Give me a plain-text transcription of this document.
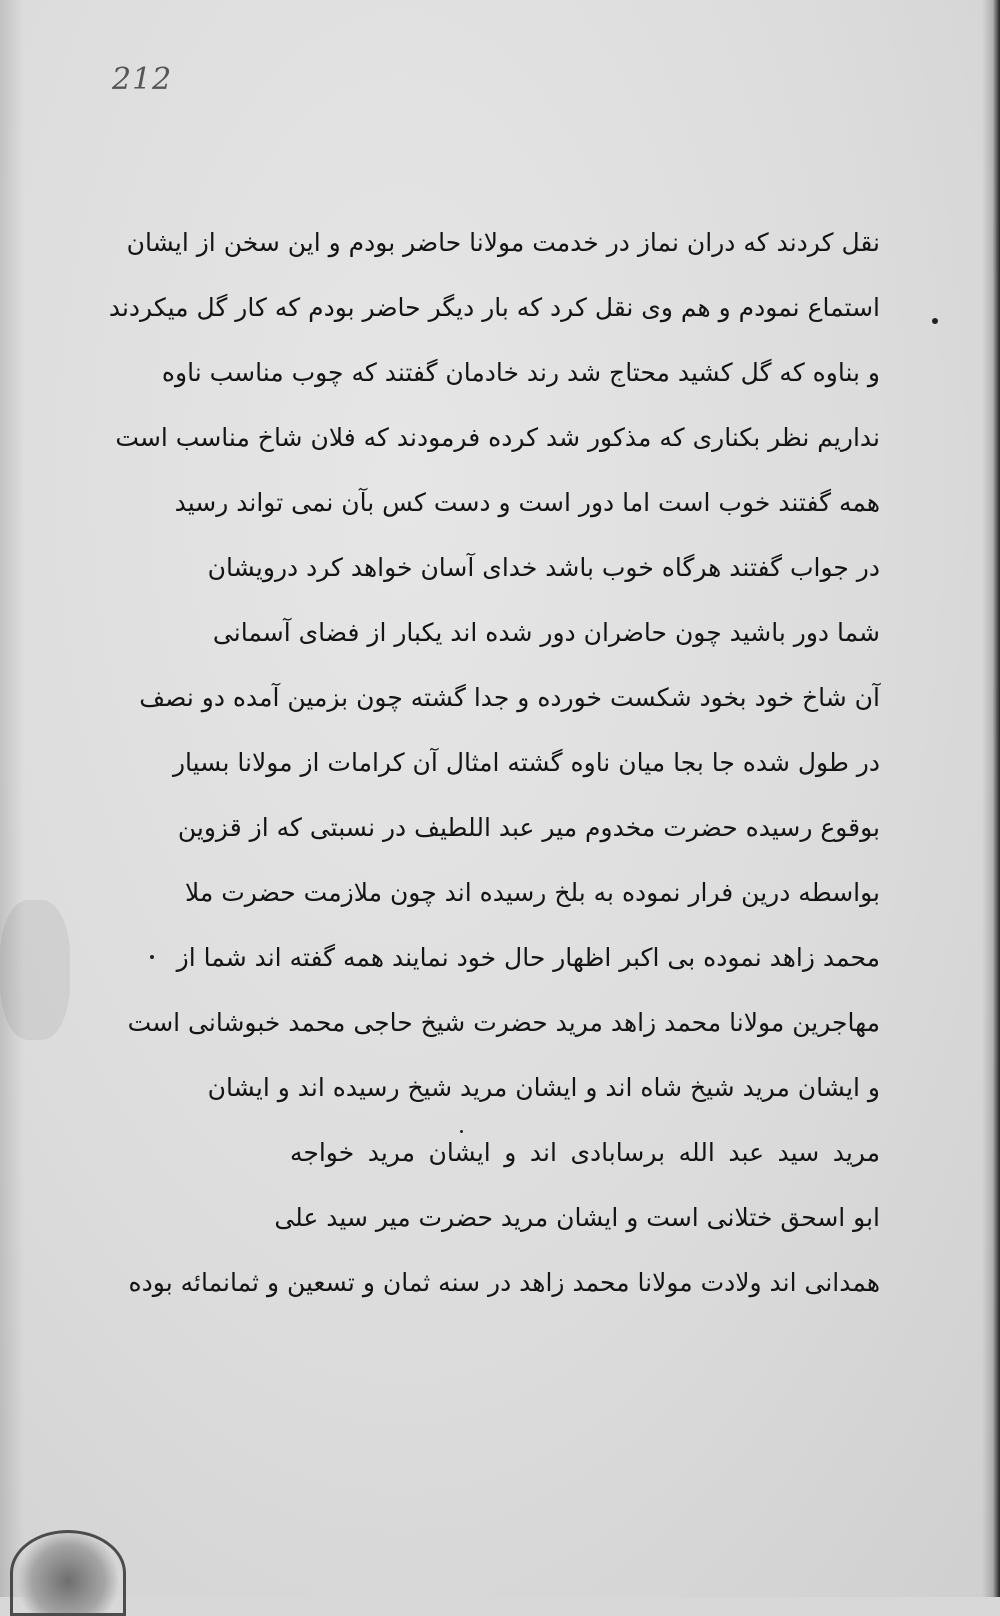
212
نقل کردند که دران نماز در خدمت مولانا حاضر بودم و این سخن از ایشان
استماع نمودم و هم وی نقل کرد که بار دیگر حاضر بودم که کار گل میکردند
و بناوه که گل کشید محتاج شد رند خادمان گفتند که چوب مناسب ناوه
نداریم نظر بکناری که مذکور شد کرده فرمودند که فلان شاخ مناسب است
همه گفتند خوب است اما دور است و دست کس بآن نمی تواند رسید
در جواب گفتند هرگاه خوب باشد خدای آسان خواهد کرد درویشان
شما دور باشید چون حاضران دور شده اند یکبار از فضای آسمانی
آن شاخ خود بخود شکست خورده و جدا گشته چون بزمین آمده دو نصف
در طول شده جا بجا میان ناوه گشته امثال آن کرامات از مولانا بسیار
بوقوع رسیده حضرت مخدوم میر عبد اللطیف در نسبتی که از قزوین
بواسطه درین فرار نموده به بلخ رسیده اند چون ملازمت حضرت ملا
محمد زاهد نموده بی اکبر اظهار حال خود نمایند همه گفته اند شما از
مهاجرین مولانا محمد زاهد مرید حضرت شیخ حاجی محمد خبوشانی است
و ایشان مرید شیخ شاه اند و ایشان مرید شیخ رسیده اند و ایشان
مرید سید عبد الله برسابادی اند و ایشان مرید خواجه
ابو اسحق ختلانی است و ایشان مرید حضرت میر سید علی
همدانی اند ولادت مولانا محمد زاهد در سنه ثمان و تسعین و ثمانمائه بوده
